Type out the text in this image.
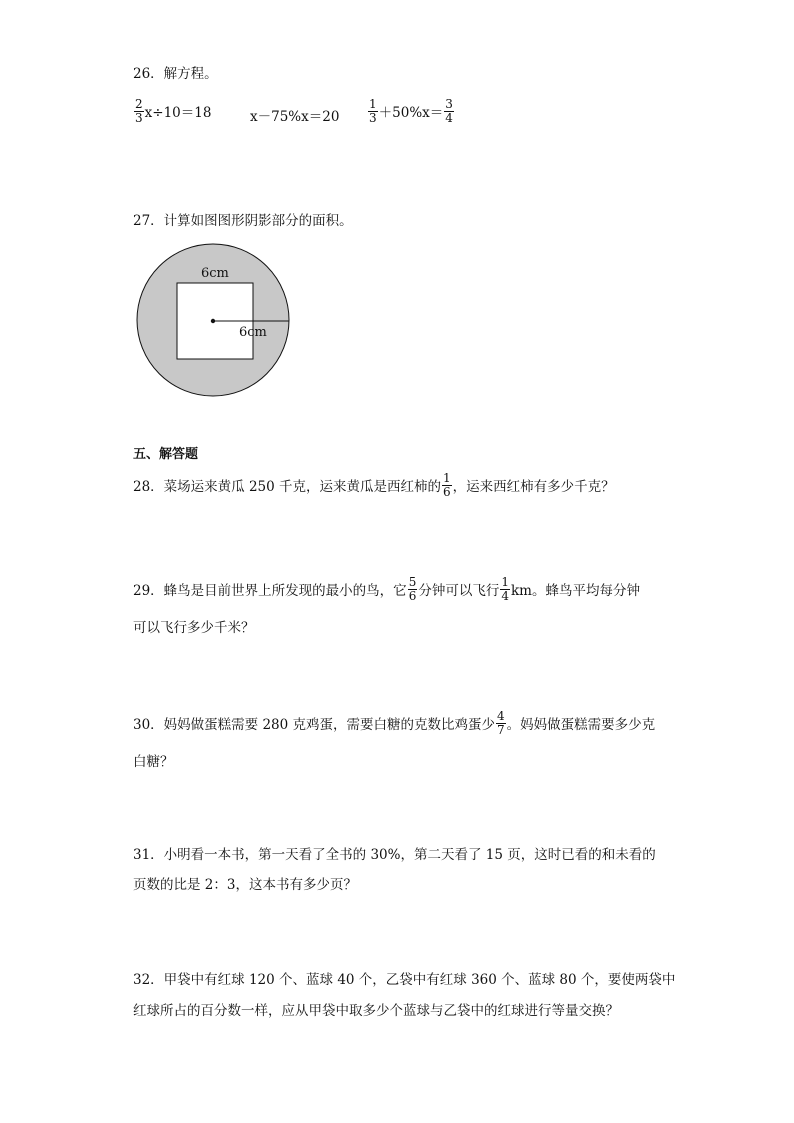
26．解方程。
$\frac{2}{3} x\div 10=18$	$x-75\%x=20 \frac{1}{3} +50\%x= \frac{3}{4}$
27．计算如图图形阴影部分的面积。
6cm
6cm
五、解答题
28．菜场运来黄瓜 250 千克，运来黄瓜是西红柿的 $\frac{1}{6}$ ，运来西红柿有多少千克？
29．蜂鸟是目前世界上所发现的最小的鸟，它 $\frac{5}{6}$ 分钟可以飞行 $\frac{1}{4}$ km。蜂鸟平均每分钟
可以飞行多少千米？
30．妈妈做蛋糕需要 280 克鸡蛋，需要白糖的克数比鸡蛋少 $\frac{4}{7}$ 。妈妈做蛋糕需要多少克
白糖？
31．小明看一本书，第一天看了全书的 30%，第二天看了 15 页，这时已看的和未看的
页数的比是 2：3，这本书有多少页？
32．甲袋中有红球 120 个、蓝球 40 个，乙袋中有红球 360 个、蓝球 80 个，要使两袋中
红球所占的百分数一样，应从甲袋中取多少个蓝球与乙袋中的红球进行等量交换？
